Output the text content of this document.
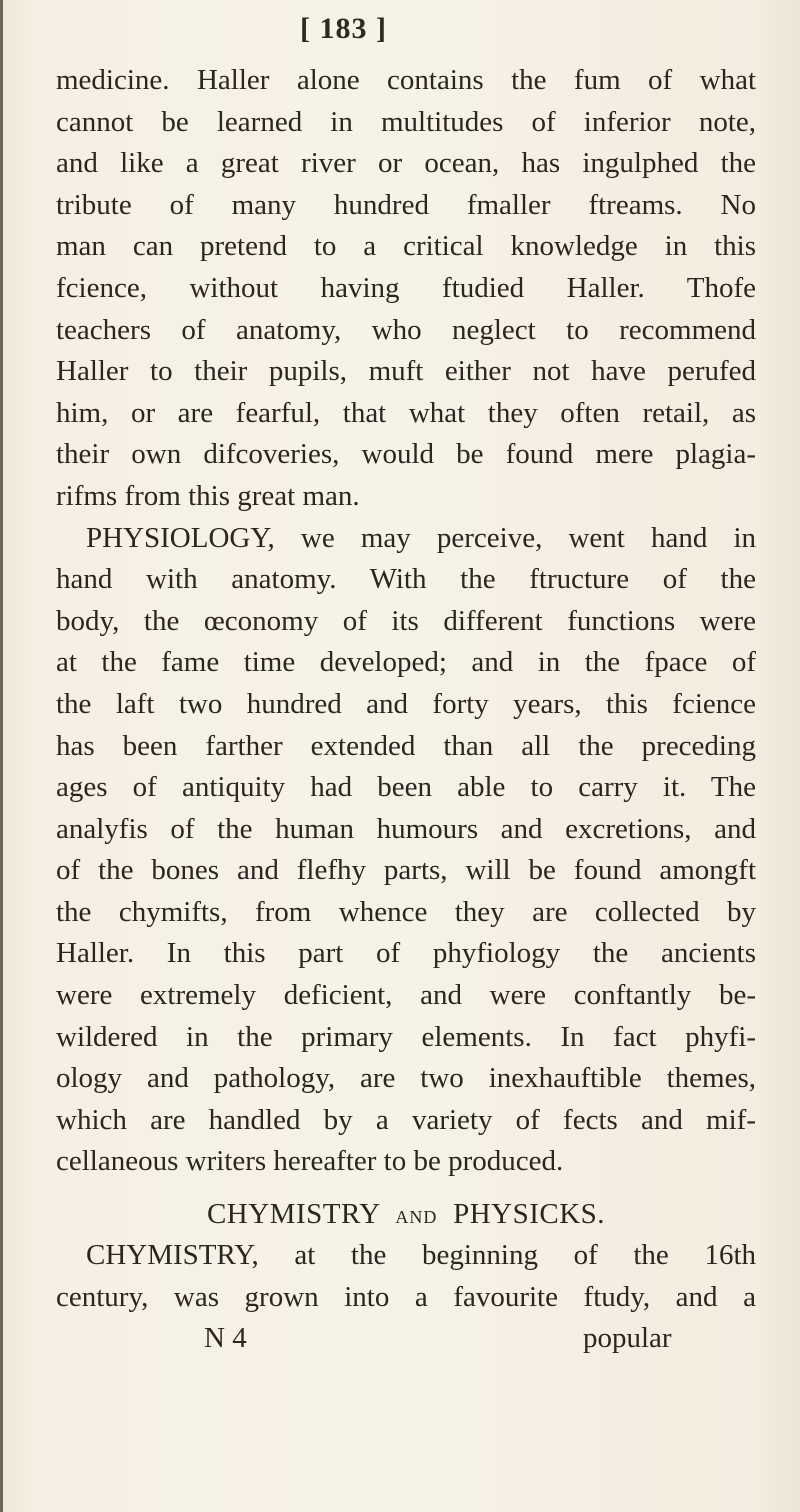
[ 183 ]
medicine. Haller alone contains the fum of what
cannot be learned in multitudes of inferior note,
and like a great river or ocean, has ingulphed the
tribute of many hundred fmaller ftreams. No
man can pretend to a critical knowledge in this
fcience, without having ftudied Haller. Thofe
teachers of anatomy, who neglect to recommend
Haller to their pupils, muft either not have perufed
him, or are fearful, that what they often retail, as
their own difcoveries, would be found mere plagia-
rifms from this great man.
PHYSIOLOGY, we may perceive, went hand in
hand with anatomy. With the ftructure of the
body, the œconomy of its different functions were
at the fame time developed; and in the fpace of
the laft two hundred and forty years, this fcience
has been farther extended than all the preceding
ages of antiquity had been able to carry it. The
analyfis of the human humours and excretions, and
of the bones and flefhy parts, will be found amongft
the chymifts, from whence they are collected by
Haller. In this part of phyfiology the ancients
were extremely deficient, and were conftantly be-
wildered in the primary elements. In fact phyfi-
ology and pathology, are two inexhauftible themes,
which are handled by a variety of fects and mif-
cellaneous writers hereafter to be produced.
CHYMISTRY AND PHYSICKS.
CHYMISTRY, at the beginning of the 16th
century, was grown into a favourite ftudy, and a
N 4	popular
